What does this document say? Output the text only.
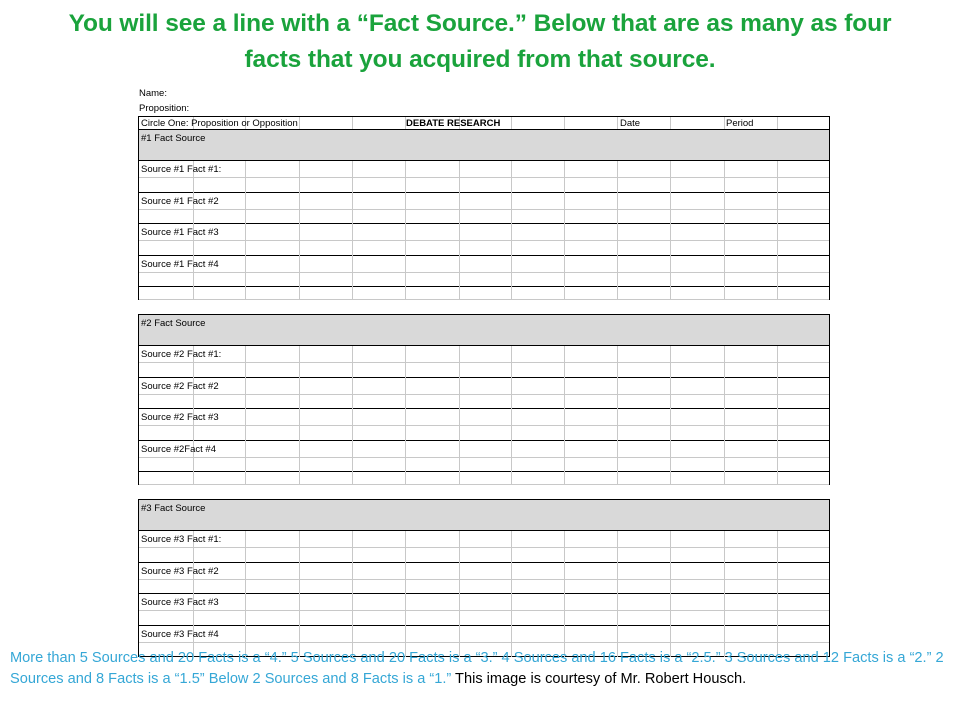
You will see a line with a “Fact Source.” Below that are as many as four
facts that you acquired from that source.
Name:
Proposition:
Circle One: Proposition or Opposition	DEBATE RESEARCH	Date	Period
#1 Fact Source
Source #1 Fact #1:
Source #1 Fact #2
Source #1 Fact #3
Source #1 Fact #4
#2 Fact Source
Source #2 Fact #1:
Source #2 Fact #2
Source #2 Fact #3
Source #2Fact #4
#3 Fact Source
Source #3 Fact #1:
Source #3 Fact #2
Source #3 Fact #3
Source #3 Fact #4
More than 5 Sources and 20 Facts is a “4.” 5 Sources and 20 Facts is a “3.” 4 Sources and 16 Facts is a “2.5.” 3 Sources and 12 Facts is a “2.” 2 Sources and 8 Facts is a “1.5” Below 2 Sources and 8 Facts is a “1.” This image is courtesy of Mr. Robert Housch.
